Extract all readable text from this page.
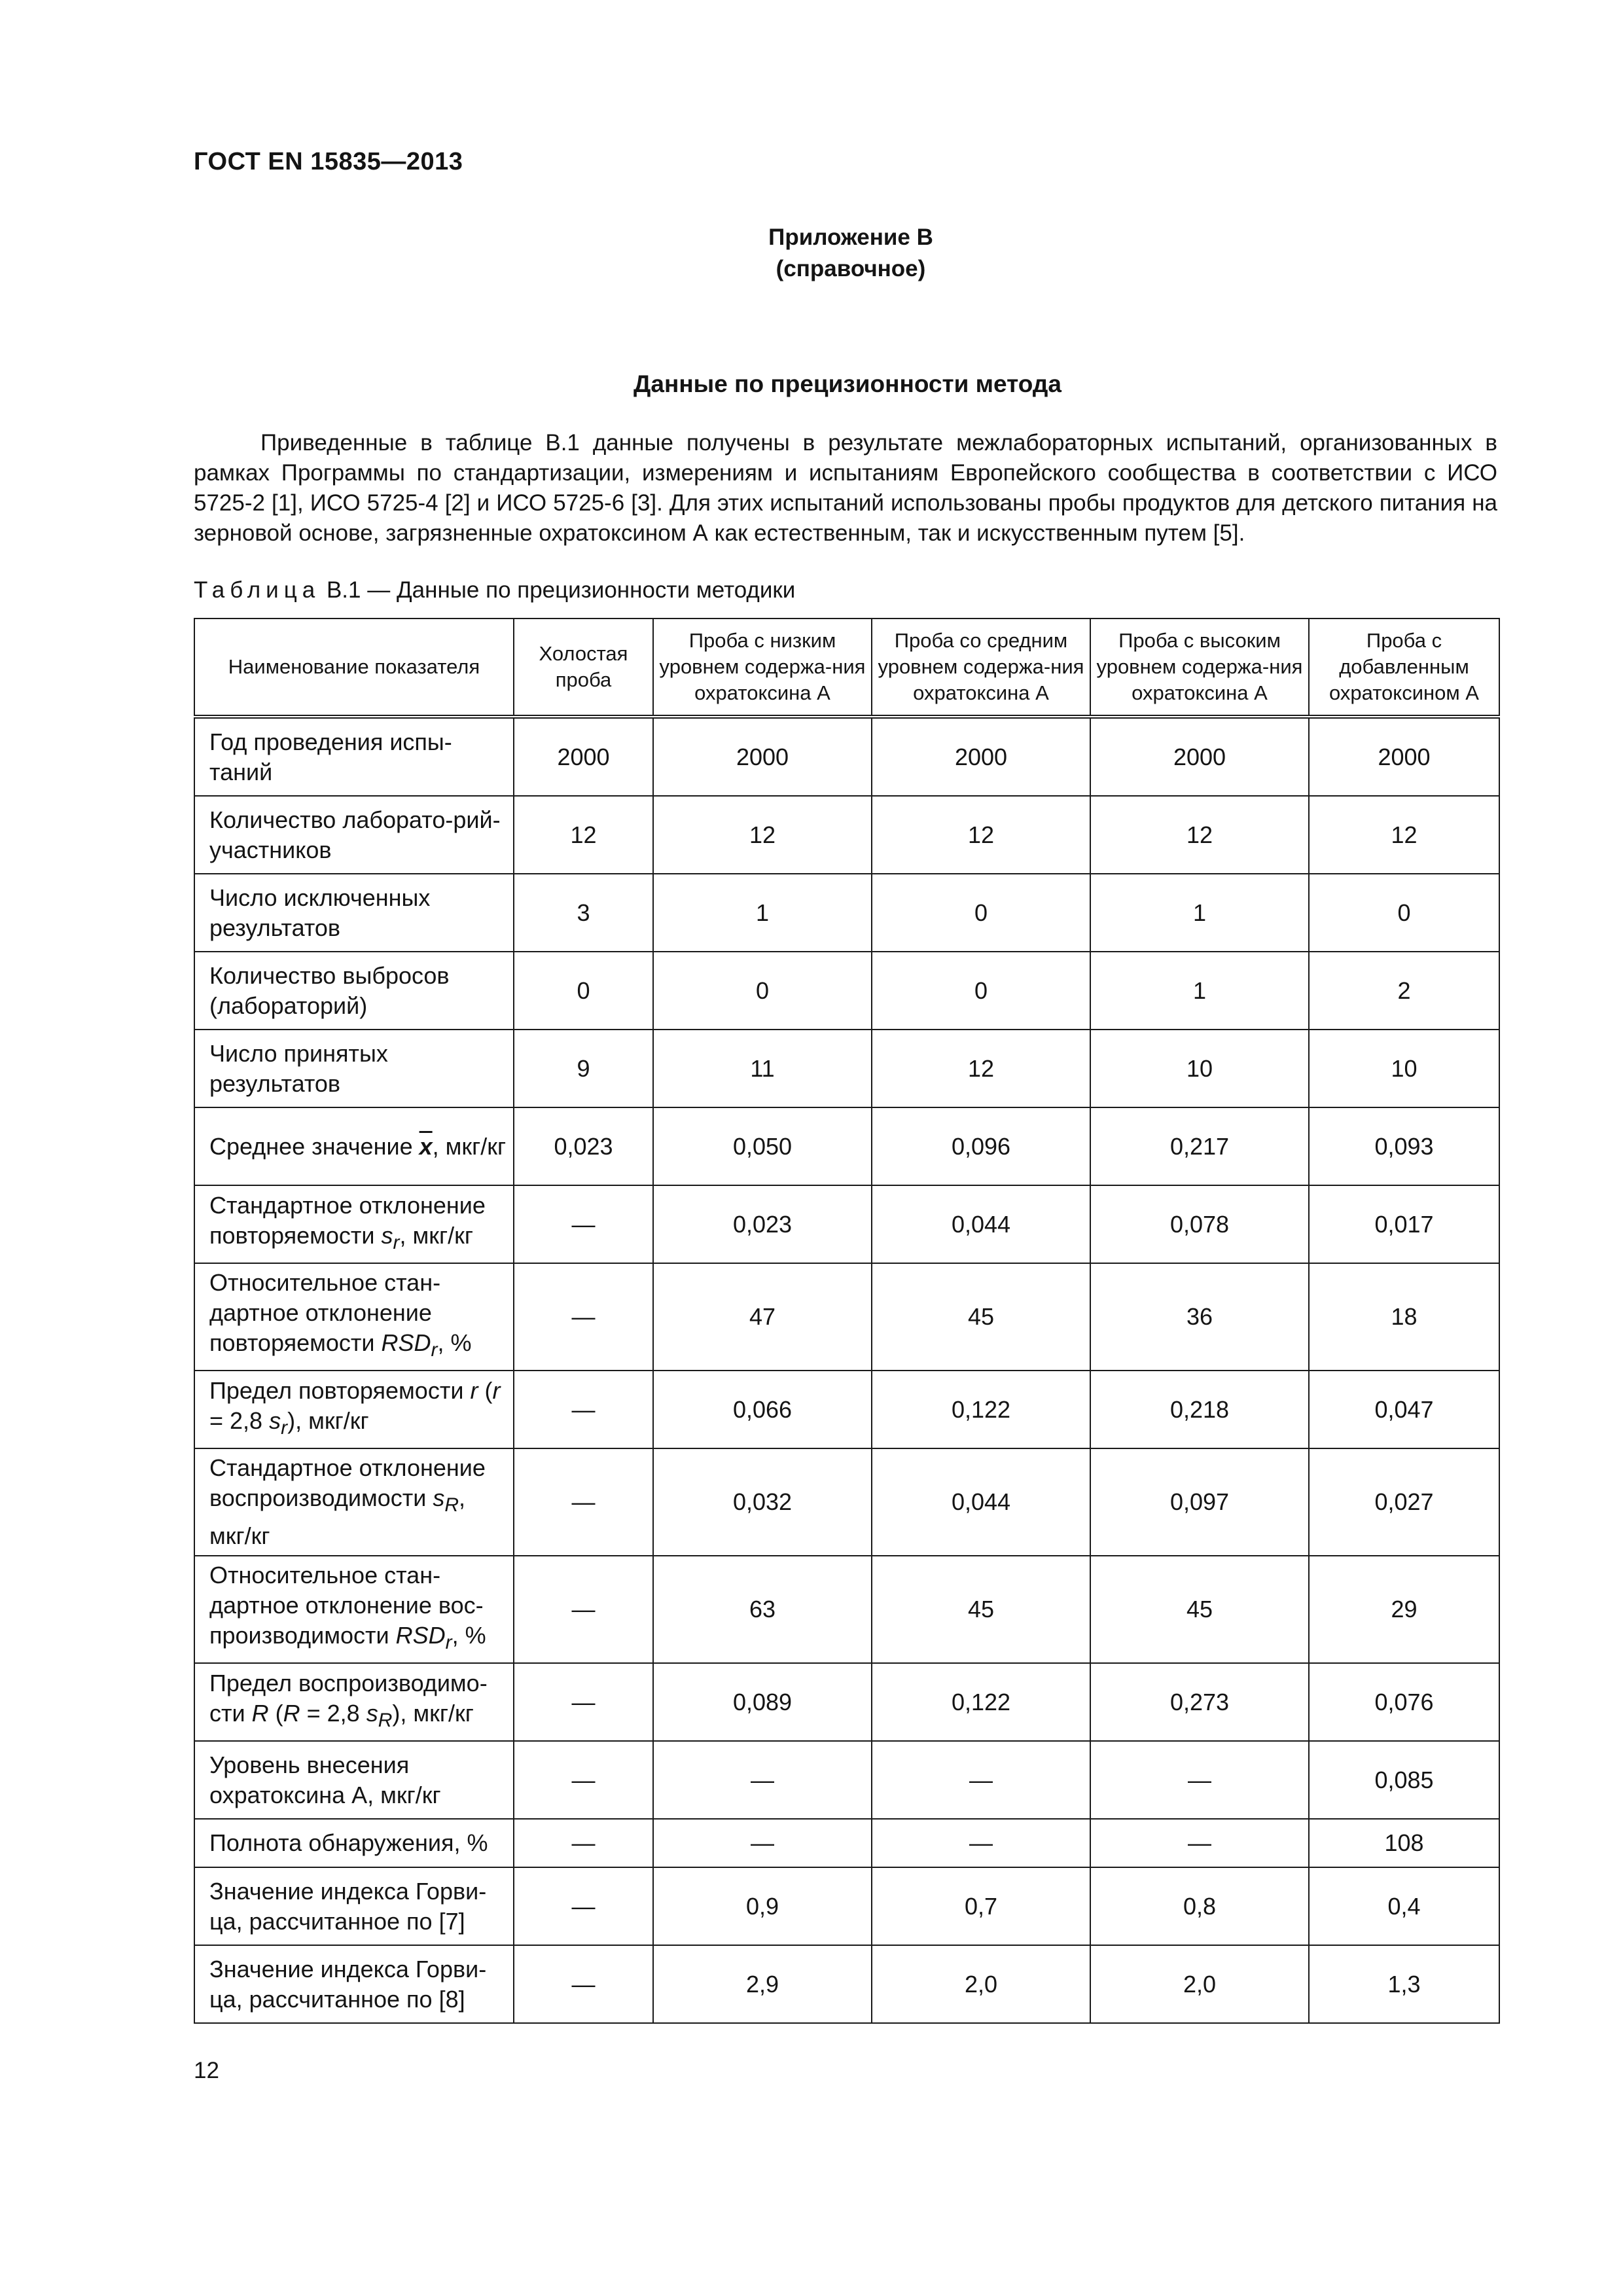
ГОСТ EN 15835—2013
Приложение В
(справочное)
Данные по прецизионности метода

Приведенные в таблице В.1 данные получены в результате межлабораторных испытаний, организованных в рамках Программы по стандартизации, измерениям и испытаниям Европейского сообщества в соответствии с ИСО 5725-2 [1], ИСО 5725-4 [2] и ИСО 5725-6 [3]. Для этих испытаний использованы пробы продуктов для детского питания на зерновой основе, загрязненные охратоксином А как естественным, так и искусственным путем [5].

Таблица В.1 — Данные по прецизионности методики
Наименование показателя	Холостая проба	Проба с низким уровнем содержа-ния охратоксина А	Проба со средним уровнем содержа-ния охратоксина А	Проба с высоким уровнем содержа-ния охратоксина А	Проба с добавленным охратоксином А
Год проведения испы-таний	2000	2000	2000	2000	2000
Количество лаборато-рий-участников	12	12	12	12	12
Число исключенных результатов	3	1	0	1	0
Количество выбросов (лабораторий)	0	0	0	1	2
Число принятых результатов	9	11	12	10	10
Среднее значение $\overline{x}$, мкг/кг	0,023	0,050	0,096	0,217	0,093
Стандартное отклонение повторяемости $s_r$, мкг/кг	—	0,023	0,044	0,078	0,017
Относительное стан-дартное отклонение повторяемости $RSD_r$, %	—	47	45	36	18
Предел повторяемости r (r = 2,8 $s_r$), мкг/кг	—	0,066	0,122	0,218	0,047
Стандартное отклонение воспроизводимости $s_R$, мкг/кг	—	0,032	0,044	0,097	0,027
Относительное стан-дартное отклонение вос-производимости $RSD_r$, %	—	63	45	45	29
Предел воспроизводимо-сти R (R = 2,8 $s_R$), мкг/кг	—	0,089	0,122	0,273	0,076
Уровень внесения охратоксина А, мкг/кг	—	—	—	—	0,085
Полнота обнаружения, %	—	—	—	—	108
Значение индекса Горви-ца, рассчитанное по [7]	—	0,9	0,7	0,8	0,4
Значение индекса Горви-ца, рассчитанное по [8]	—	2,9	2,0	2,0	1,3
12
